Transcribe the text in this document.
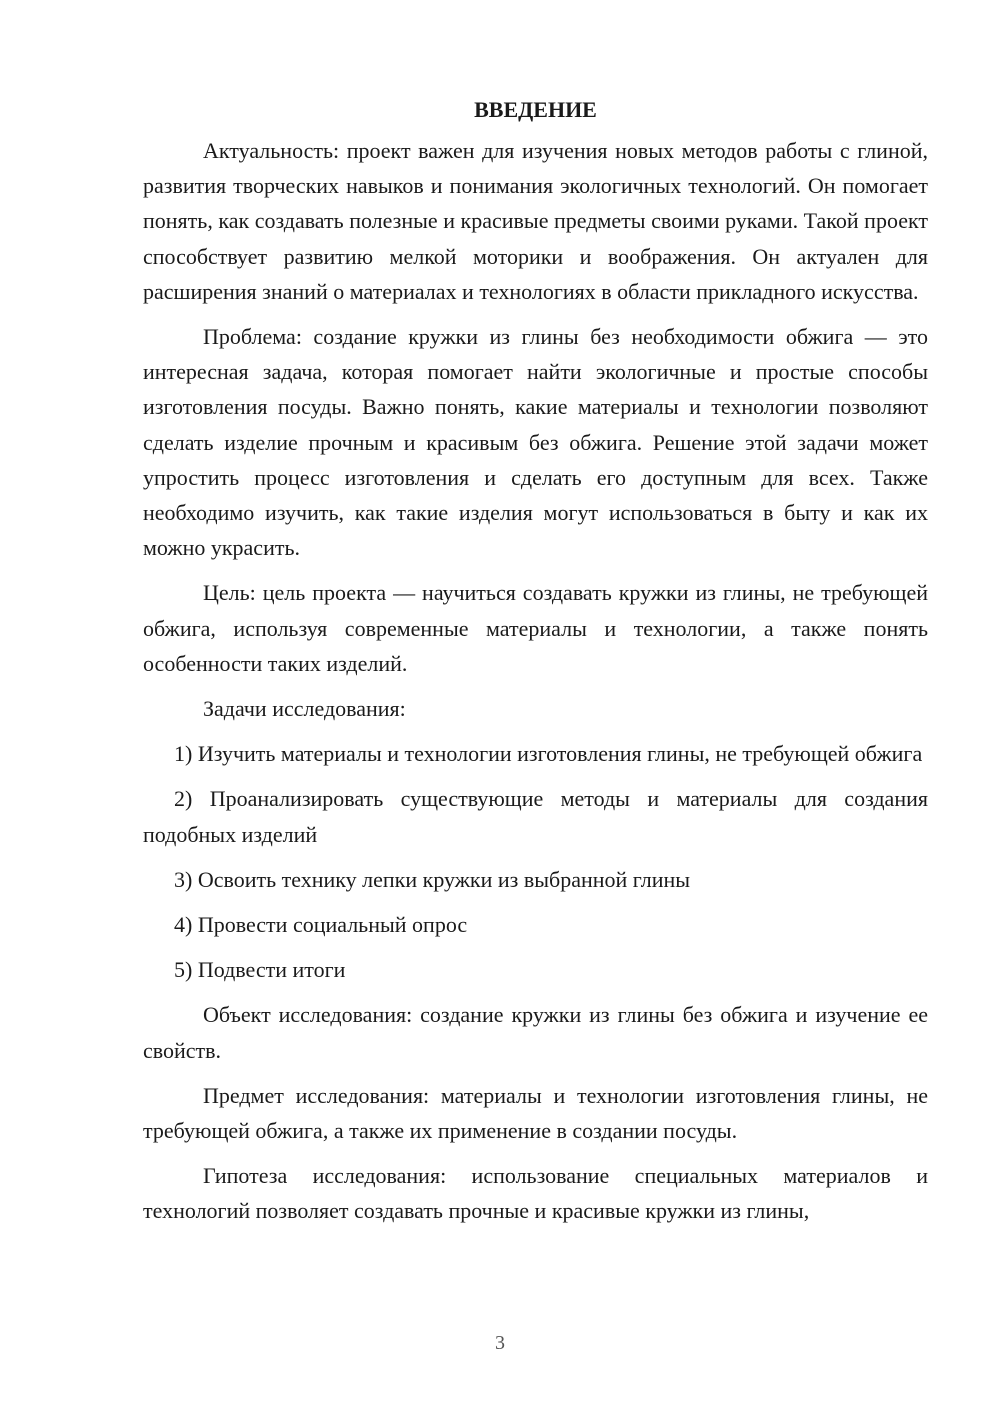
ВВЕДЕНИЕ

Актуальность: проект важен для изучения новых методов работы с глиной, развития творческих навыков и понимания экологичных технологий. Он помогает понять, как создавать полезные и красивые предметы своими руками. Такой проект способствует развитию мелкой моторики и воображения. Он актуален для расширения знаний о материалах и технологиях в области прикладного искусства.

Проблема: создание кружки из глины без необходимости обжига — это интересная задача, которая помогает найти экологичные и простые способы изготовления посуды. Важно понять, какие материалы и технологии позволяют сделать изделие прочным и красивым без обжига. Решение этой задачи может упростить процесс изготовления и сделать его доступным для всех. Также необходимо изучить, как такие изделия могут использоваться в быту и как их можно украсить.

Цель: цель проекта — научиться создавать кружки из глины, не требующей обжига, используя современные материалы и технологии, а также понять особенности таких изделий.

Задачи исследования:

1) Изучить материалы и технологии изготовления глины, не требующей обжига

2) Проанализировать существующие методы и материалы для создания подобных изделий

3) Освоить технику лепки кружки из выбранной глины

4) Провести социальный опрос

5) Подвести итоги

Объект исследования: создание кружки из глины без обжига и изучение ее свойств.

Предмет исследования: материалы и технологии изготовления глины, не требующей обжига, а также их применение в создании посуды.

Гипотеза исследования: использование специальных материалов и технологий позволяет создавать прочные и красивые кружки из глины,

3
